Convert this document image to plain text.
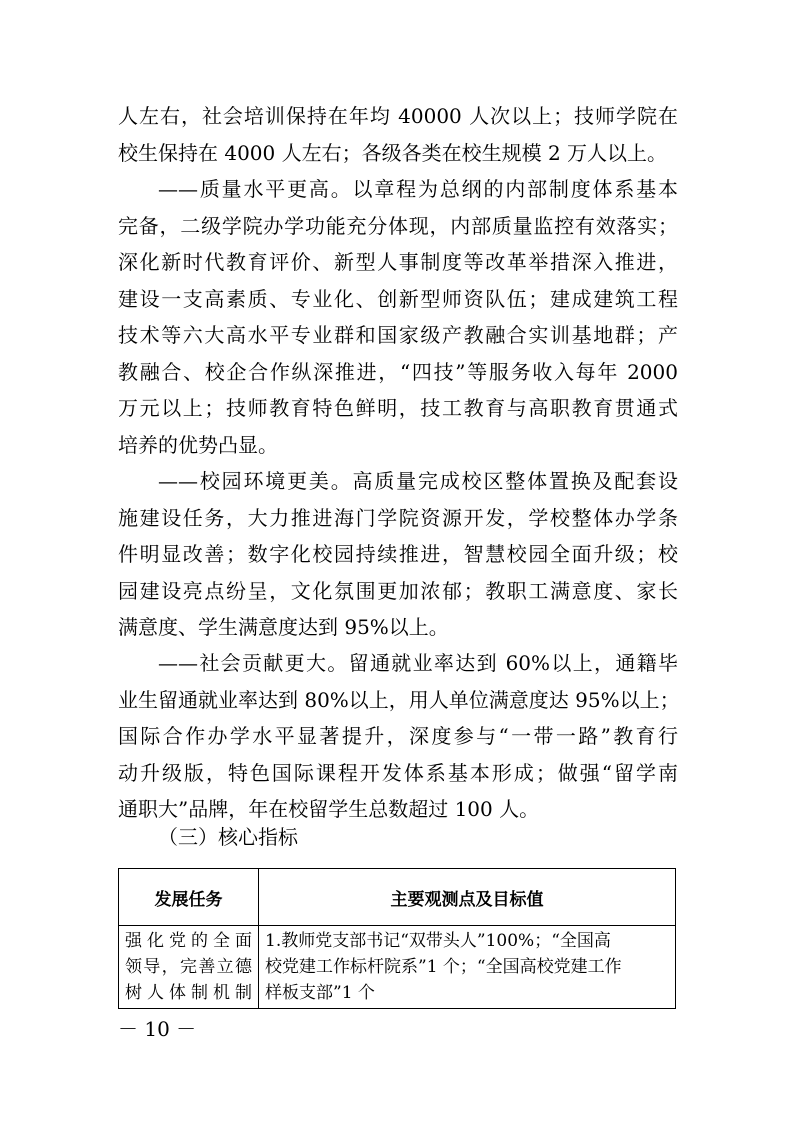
人左右，社会培训保持在年均 40000 人次以上；技师学院在
校生保持在 4000 人左右；各级各类在校生规模 2 万人以上。

——质量水平更高。以章程为总纲的内部制度体系基本
完备，二级学院办学功能充分体现，内部质量监控有效落实；
深化新时代教育评价、新型人事制度等改革举措深入推进，
建设一支高素质、专业化、创新型师资队伍；建成建筑工程
技术等六大高水平专业群和国家级产教融合实训基地群；产
教融合、校企合作纵深推进，“四技”等服务收入每年 2000
万元以上；技师教育特色鲜明，技工教育与高职教育贯通式
培养的优势凸显。

——校园环境更美。高质量完成校区整体置换及配套设
施建设任务，大力推进海门学院资源开发，学校整体办学条
件明显改善；数字化校园持续推进，智慧校园全面升级；校
园建设亮点纷呈，文化氛围更加浓郁；教职工满意度、家长
满意度、学生满意度达到 95%以上。

——社会贡献更大。留通就业率达到 60%以上，通籍毕
业生留通就业率达到 80%以上，用人单位满意度达 95%以上；
国际合作办学水平显著提升，深度参与“一带一路”教育行
动升级版，特色国际课程开发体系基本形成；做强“留学南
通职大”品牌，年在校留学生总数超过 100 人。

（三）核心指标
发展任务	主要观测点及目标值

强化党的全面
领导，完善立德
树人体制机制	1.教师党支部书记“双带头人”100%；“全国高
校党建工作标杆院系”1 个；“全国高校党建工作
样板支部”1 个
－ 10 －
